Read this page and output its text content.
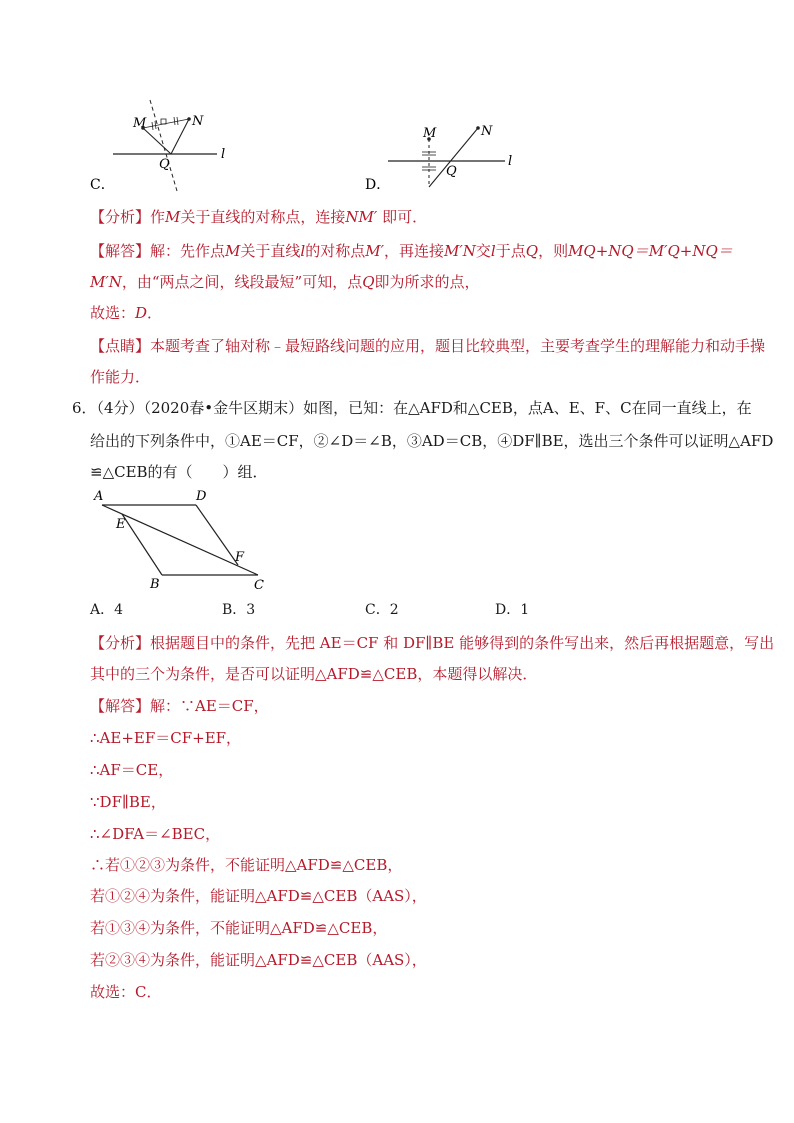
M	N
Q
l
C．
M	N
Q
l
D．
【分析】作M关于直线的对称点，连接NM′ 即可．
【解答】解：先作点M关于直线l的对称点M′，再连接M′N交l于点Q，则MQ+NQ＝M′Q+NQ＝
M′N，由“两点之间，线段最短”可知，点Q即为所求的点，
故选：D．
【点睛】本题考查了轴对称﹣最短路线问题的应用，题目比较典型，主要考查学生的理解能力和动手操
作能力．
6．（4分）（2020春•金牛区期末）如图，已知：在△AFD和△CEB，点A、E、F、C在同一直线上，在
给出的下列条件中，①AE＝CF，②∠D＝∠B，③AD＝CB，④DF∥BE，选出三个条件可以证明△AFD
≌△CEB的有（　　）组．
A	D
E
F
B	C
A．4	B．3	C．2	D．1
【分析】根据题目中的条件，先把 AE＝CF 和 DF∥BE 能够得到的条件写出来，然后再根据题意，写出
其中的三个为条件，是否可以证明△AFD≌△CEB，本题得以解决．
【解答】解：∵AE＝CF，
∴AE+EF＝CF+EF，
∴AF＝CE，
∵DF∥BE，
∴∠DFA＝∠BEC，
∴若①②③为条件，不能证明△AFD≌△CEB，
若①②④为条件，能证明△AFD≌△CEB（AAS），
若①③④为条件，不能证明△AFD≌△CEB，
若②③④为条件，能证明△AFD≌△CEB（AAS），
故选：C．
